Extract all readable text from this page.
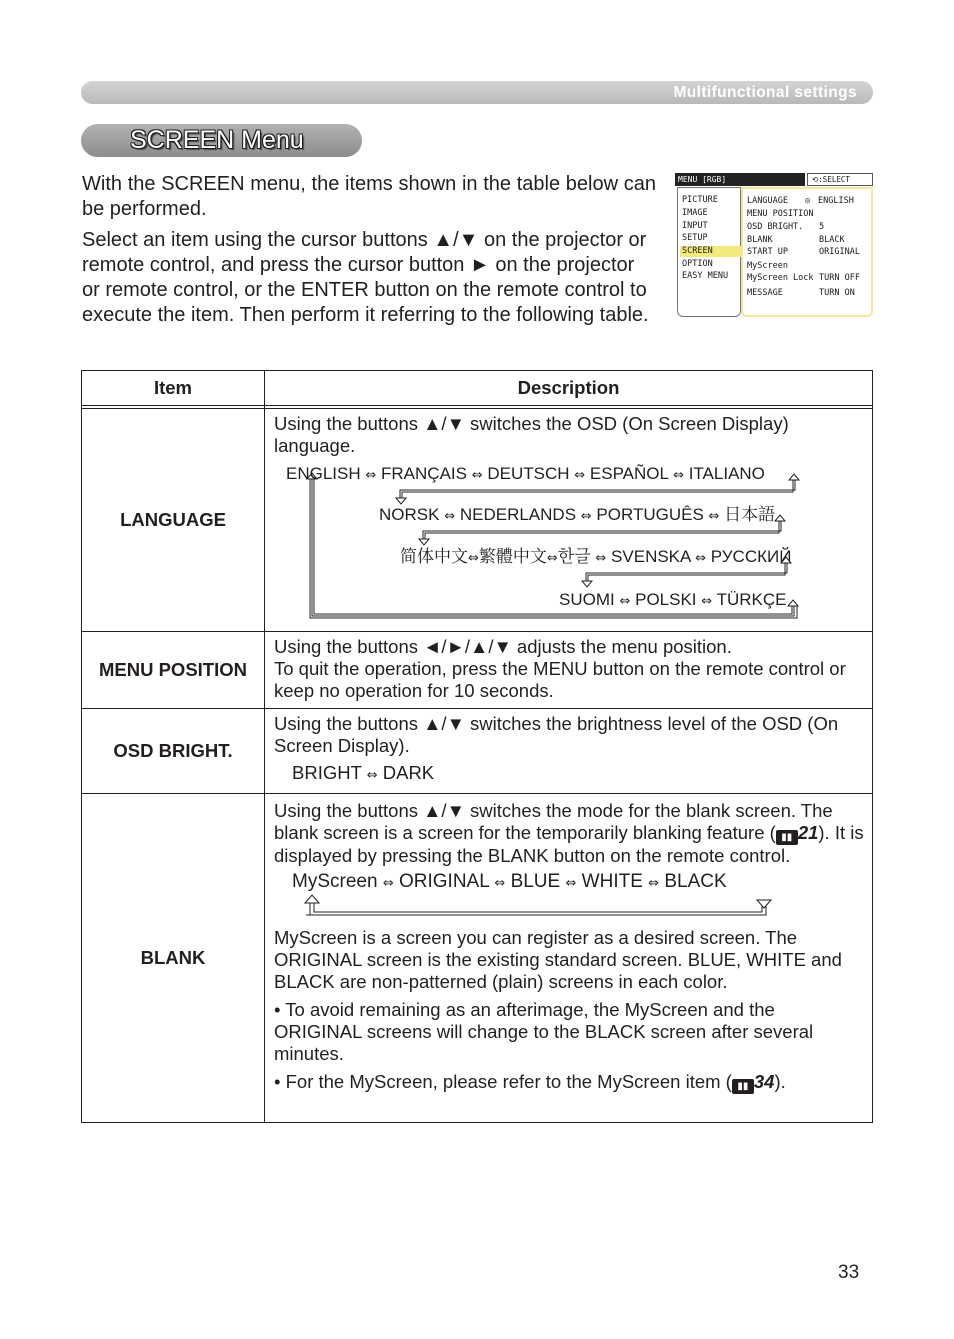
Multifunctional settings
SCREEN Menu

With the SCREEN menu, the items shown in the table below can be performed.

Select an item using the cursor buttons ▲/▼ on the projector or remote control, and press the cursor button ► on the projector or remote control, or the ENTER button on the remote control to execute the item. Then perform it referring to the following table.

MENU [RGB]	⟲:SELECT
PICTURE
IMAGE
INPUT
SETUP
SCREEN
OPTION
EASY MENU
LANGUAGE ◎ ENGLISH
MENU POSITION
OSD BRIGHT. 5
BLANK	BLACK
START UP	ORIGINAL
MyScreen
MyScreen Lock TURN OFF
MESSAGE	TURN ON
Item	Description

LANGUAGE	Using the buttons ▲/▼ switches the OSD (On Screen Display) language.

ENGLISH ⇔ FRANÇAIS ⇔ DEUTSCH ⇔ ESPAÑOL ⇔ ITALIANO
NORSK ⇔ NEDERLANDS ⇔ PORTUGUÊS ⇔ 日本語
简体中文⇔繁體中文⇔한글 ⇔ SVENSKA ⇔ РУССКИЙ
SUOMI ⇔ POLSKI ⇔ TÜRKÇE

MENU POSITION	Using the buttons ◄/►/▲/▼ adjusts the menu position.

To quit the operation, press the MENU button on the remote control or keep no operation for 10 seconds.

OSD BRIGHT.	Using the buttons ▲/▼ switches the brightness level of the OSD (On Screen Display).

BRIGHT ⇔ DARK

BLANK	Using the buttons ▲/▼ switches the mode for the blank screen. The blank screen is a screen for the temporarily blanking feature ( ▮▮ 21). It is displayed by pressing the BLANK button on the remote control.

MyScreen ⇔ ORIGINAL ⇔ BLUE ⇔ WHITE ⇔ BLACK

MyScreen is a screen you can register as a desired screen. The ORIGINAL screen is the existing standard screen. BLUE, WHITE and BLACK are non-patterned (plain) screens in each color.

• To avoid remaining as an afterimage, the MyScreen and the ORIGINAL screens will change to the BLACK screen after several minutes.

• For the MyScreen, please refer to the MyScreen item ( ▮▮ 34).

33
